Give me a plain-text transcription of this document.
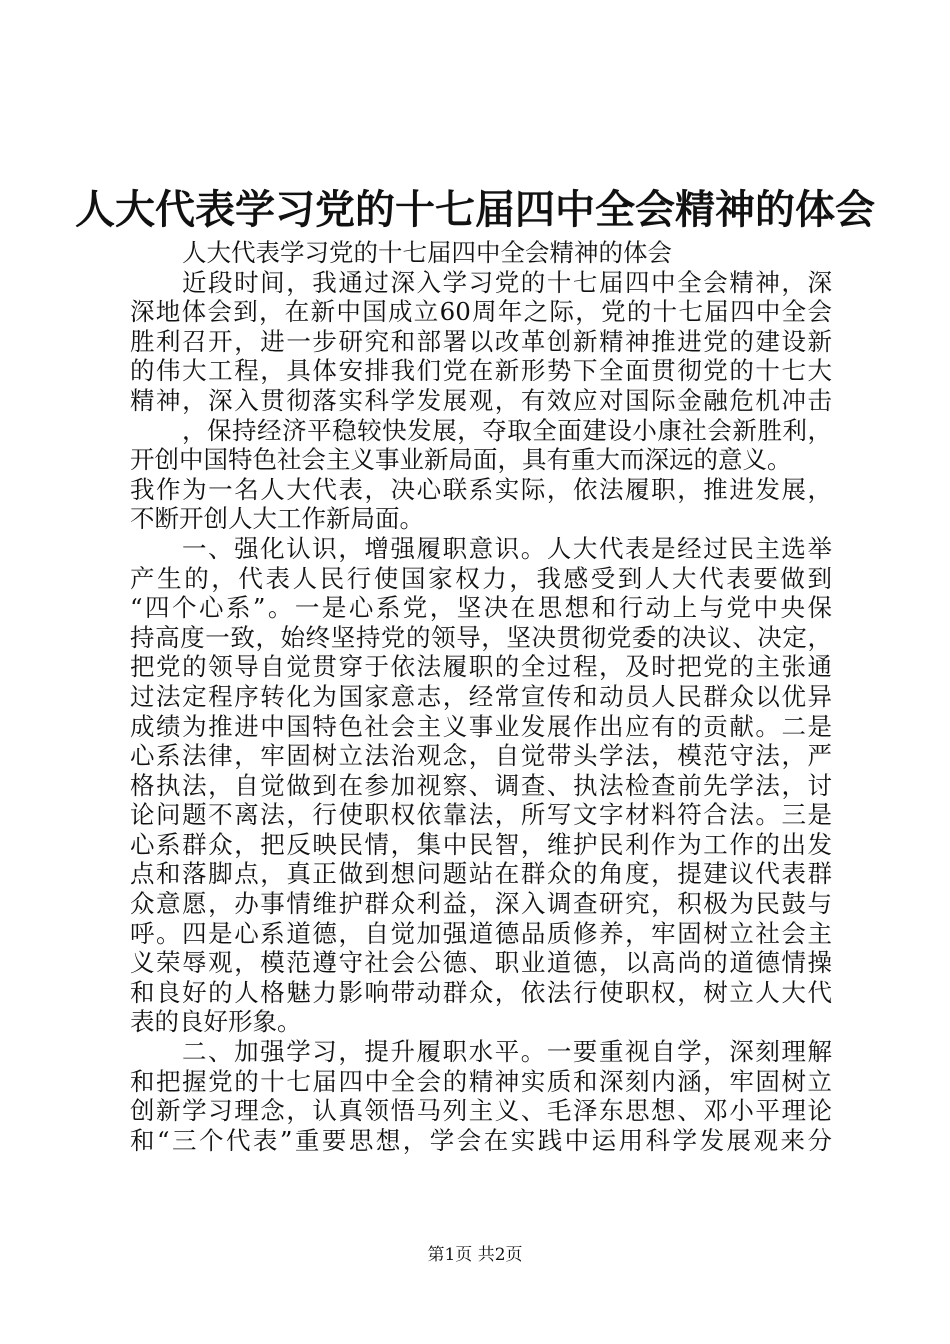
人大代表学习党的十七届四中全会精神的体会
人大代表学习党的十七届四中全会精神的体会
近段时间，我通过深入学习党的十七届四中全会精神，深
深地体会到，在新中国成立60周年之际，党的十七届四中全会
胜利召开，进一步研究和部署以改革创新精神推进党的建设新
的伟大工程，具体安排我们党在新形势下全面贯彻党的十七大
精神，深入贯彻落实科学发展观，有效应对国际金融危机冲击
，保持经济平稳较快发展，夺取全面建设小康社会新胜利，
开创中国特色社会主义事业新局面，具有重大而深远的意义。
我作为一名人大代表，决心联系实际，依法履职，推进发展，
不断开创人大工作新局面。
一、强化认识，增强履职意识。人大代表是经过民主选举
产生的，代表人民行使国家权力，我感受到人大代表要做到
“四个心系”。一是心系党，坚决在思想和行动上与党中央保
持高度一致，始终坚持党的领导，坚决贯彻党委的决议、决定，
把党的领导自觉贯穿于依法履职的全过程，及时把党的主张通
过法定程序转化为国家意志，经常宣传和动员人民群众以优异
成绩为推进中国特色社会主义事业发展作出应有的贡献。二是
心系法律，牢固树立法治观念，自觉带头学法，模范守法，严
格执法，自觉做到在参加视察、调查、执法检查前先学法，讨
论问题不离法，行使职权依靠法，所写文字材料符合法。三是
心系群众，把反映民情，集中民智，维护民利作为工作的出发
点和落脚点，真正做到想问题站在群众的角度，提建议代表群
众意愿，办事情维护群众利益，深入调查研究，积极为民鼓与
呼。四是心系道德，自觉加强道德品质修养，牢固树立社会主
义荣辱观，模范遵守社会公德、职业道德，以高尚的道德情操
和良好的人格魅力影响带动群众，依法行使职权，树立人大代
表的良好形象。
二、加强学习，提升履职水平。一要重视自学，深刻理解
和把握党的十七届四中全会的精神实质和深刻内涵，牢固树立
创新学习理念，认真领悟马列主义、毛泽东思想、邓小平理论
和“三个代表”重要思想，学会在实践中运用科学发展观来分
第1页 共2页
